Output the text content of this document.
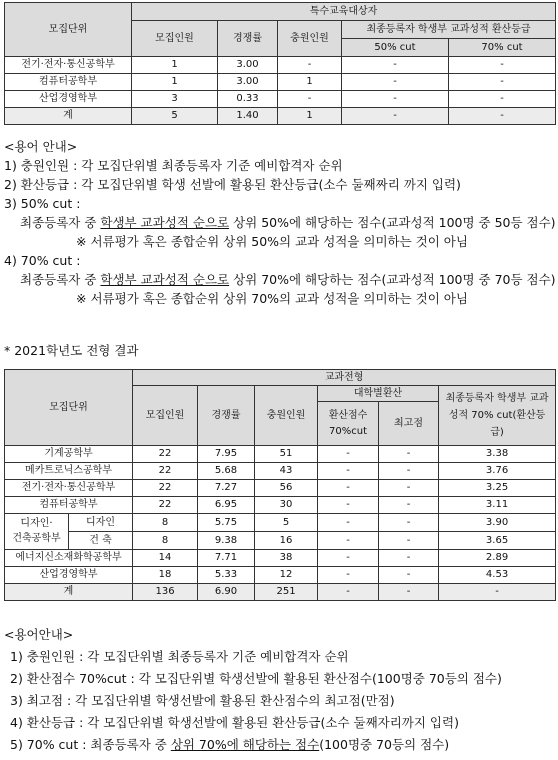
모집단위	특수교육대상자				
	모집인원	경쟁률	충원인원	최종등록자 학생부 교과성적 환산등급	
				50% cut	70% cut
전기·전자·통신공학부	1	3.00	-	-	-
컴퓨터공학부	1	3.00	1	-	-
산업경영학부	3	0.33	-	-	-
계	5	1.40	1	-	-
<용어 안내>
1) 충원인원 : 각 모집단위별 최종등록자 기준 예비합격자 순위
2) 환산등급 : 각 모집단위별 학생 선발에 활용된 환산등급(소수 둘째짜리 까지 입력)
3) 50% cut :
최종등록자 중 학생부 교과성적 순으로 상위 50%에 해당하는 점수(교과성적 100명 중 50등 점수)
※ 서류평가 혹은 종합순위 상위 50%의 교과 성적을 의미하는 것이 아님
4) 70% cut :
최종등록자 중 학생부 교과성적 순으로 상위 70%에 해당하는 점수(교과성적 100명 중 70등 점수)
※ 서류평가 혹은 종합순위 상위 70%의 교과 성적을 의미하는 것이 아님
* 2021학년도 전형 결과
모집단위		교과전형					
		모집인원	경쟁률	충원인원	대학별환산		최종등록자 학생부 교과성적 70% cut(환산등급)
					환산점수 70%cut	최고점	
기계공학부		22	7.95	51	-	-	3.38
메카트로닉스공학부		22	5.68	43	-	-	3.76
전기·전자·통신공학부		22	7.27	56	-	-	3.25
컴퓨터공학부		22	6.95	30	-	-	3.11

디자인·
건축공학부	디자인	8	5.75	5	-	-	3.90
	건 축	8	9.38	16	-	-	3.65
에너지신소재화학공학부		14	7.71	38	-	-	2.89
산업경영학부		18	5.33	12	-	-	4.53
계		136	6.90	251	-	-	-
<용어안내>
1) 충원인원 : 각 모집단위별 최종등록자 기준 예비합격자 순위
2) 환산점수 70%cut : 각 모집단위별 학생선발에 활용된 환산점수(100명중 70등의 점수)
3) 최고점 : 각 모집단위별 학생선발에 활용된 환산점수의 최고점(만점)
4) 환산등급 : 각 모집단위별 학생선발에 활용된 환산등급(소수 둘째자리까지 입력)
5) 70% cut : 최종등록자 중 상위 70%에 해당하는 점수(100명중 70등의 점수)
